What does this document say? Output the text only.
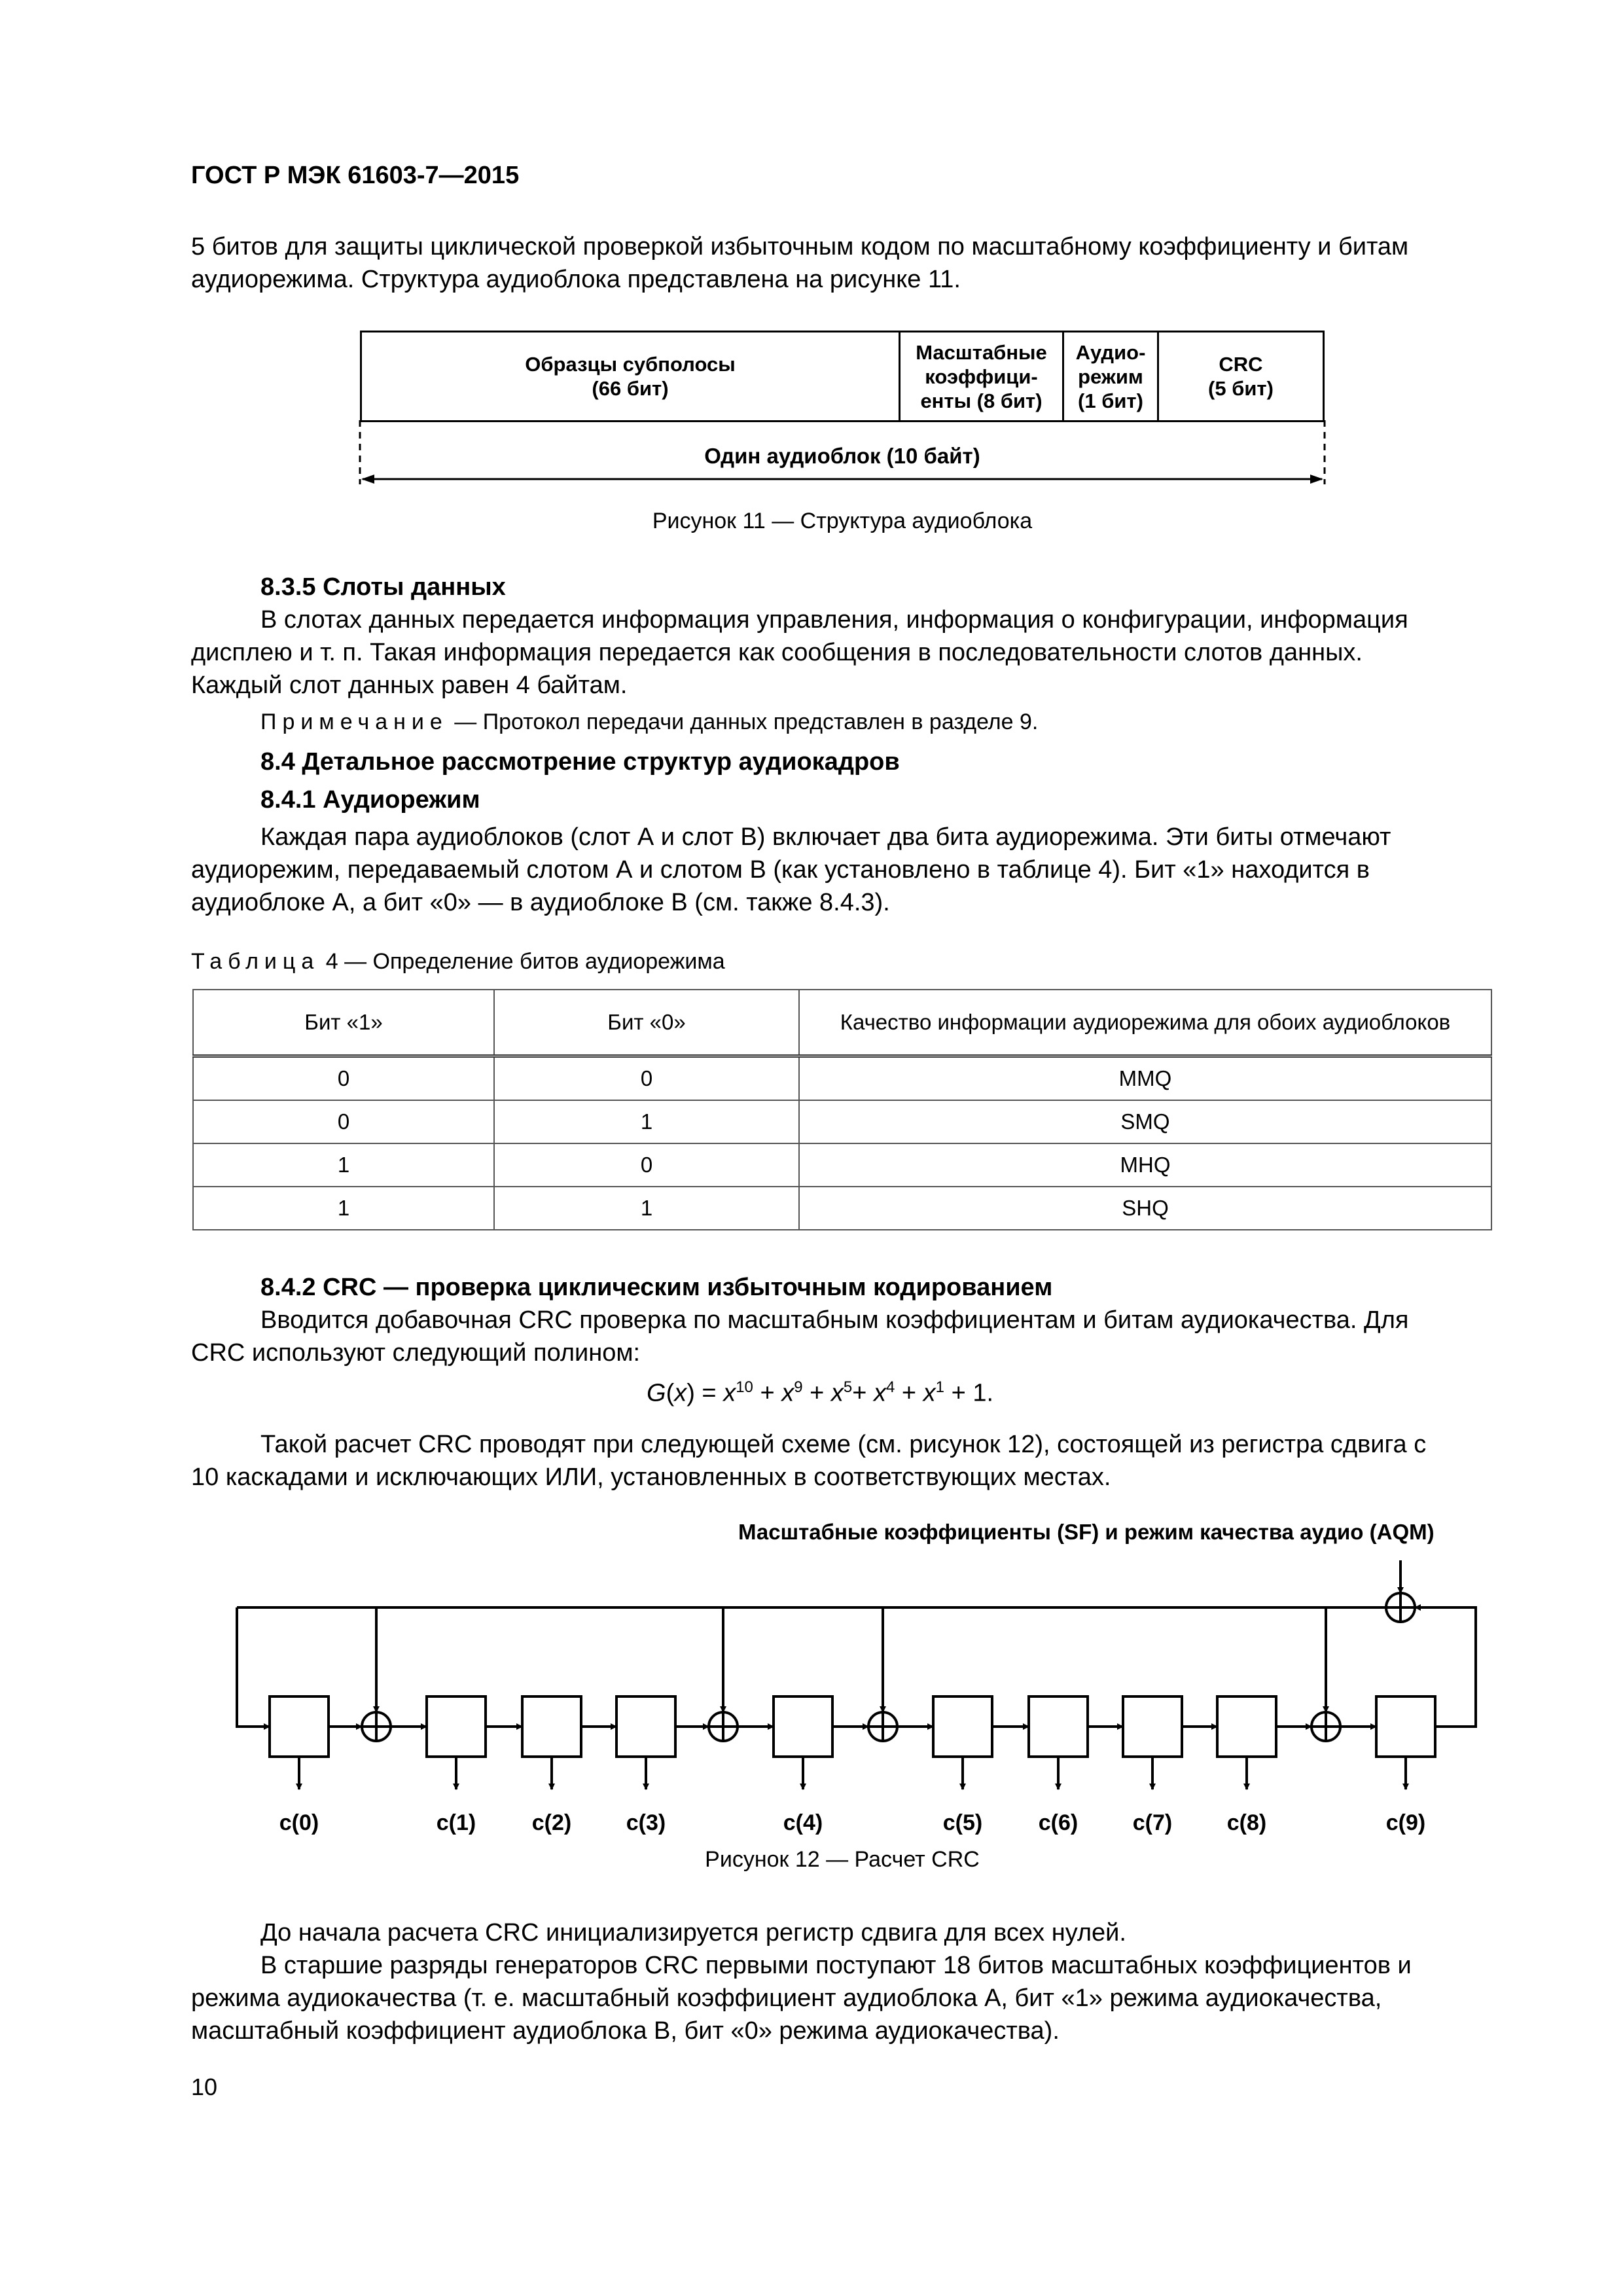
ГОСТ Р МЭК 61603-7—2015
5 битов для защиты циклической проверкой избыточным кодом по масштабному коэффициенту и битам
аудиорежима. Структура аудиоблока представлена на рисунке 11.
Образцы субполосы
(66 бит)
Масштабные
коэффици-
енты (8 бит)
Аудио-
режим
(1 бит)
CRC
(5 бит)
Один аудиоблок (10 байт)
Рисунок 11 — Структура аудиоблока
8.3.5 Слоты данных
В слотах данных передается информация управления, информация о конфигурации, информация
дисплею и т. п. Такая информация передается как сообщения в последовательности слотов данных.
Каждый слот данных равен 4 байтам.
Примечание — Протокол передачи данных представлен в разделе 9.
8.4 Детальное рассмотрение структур аудиокадров
8.4.1 Аудиорежим
Каждая пара аудиоблоков (слот А и слот В) включает два бита аудиорежима. Эти биты отмечают
аудиорежим, передаваемый слотом А и слотом В (как установлено в таблице 4). Бит «1» находится в
аудиоблоке А, а бит «0» — в аудиоблоке В (см. также 8.4.3).
Таблица 4 — Определение битов аудиорежима
Бит «1»	Бит «0»	Качество информации аудиорежима для обоих аудиоблоков
0	0	MMQ
0	1	SMQ
1	0	MHQ
1	1	SHQ
8.4.2 CRC — проверка циклическим избыточным кодированием
Вводится добавочная CRC проверка по масштабным коэффициентам и битам аудиокачества. Для
CRC используют следующий полином:
$G(x) = x^{10} + x^9 + x^5+ x^4 + x^1 + 1$.
Такой расчет CRC проводят при следующей схеме (см. рисунок 12), состоящей из регистра сдвига с
10 каскадами и исключающих ИЛИ, установленных в соответствующих местах.
Масштабные коэффициенты (SF) и режим качества аудио (AQM)
c(0)	c(1)	c(2) c(3)	c(4)	c(5)	c(6) c(7) c(8)	c(9)
Рисунок 12 — Расчет CRC
До начала расчета CRC инициализируется регистр сдвига для всех нулей.
В старшие разряды генераторов CRC первыми поступают 18 битов масштабных коэффициентов и
режима аудиокачества (т. е. масштабный коэффициент аудиоблока А, бит «1» режима аудиокачества,
масштабный коэффициент аудиоблока В, бит «0» режима аудиокачества).
10
